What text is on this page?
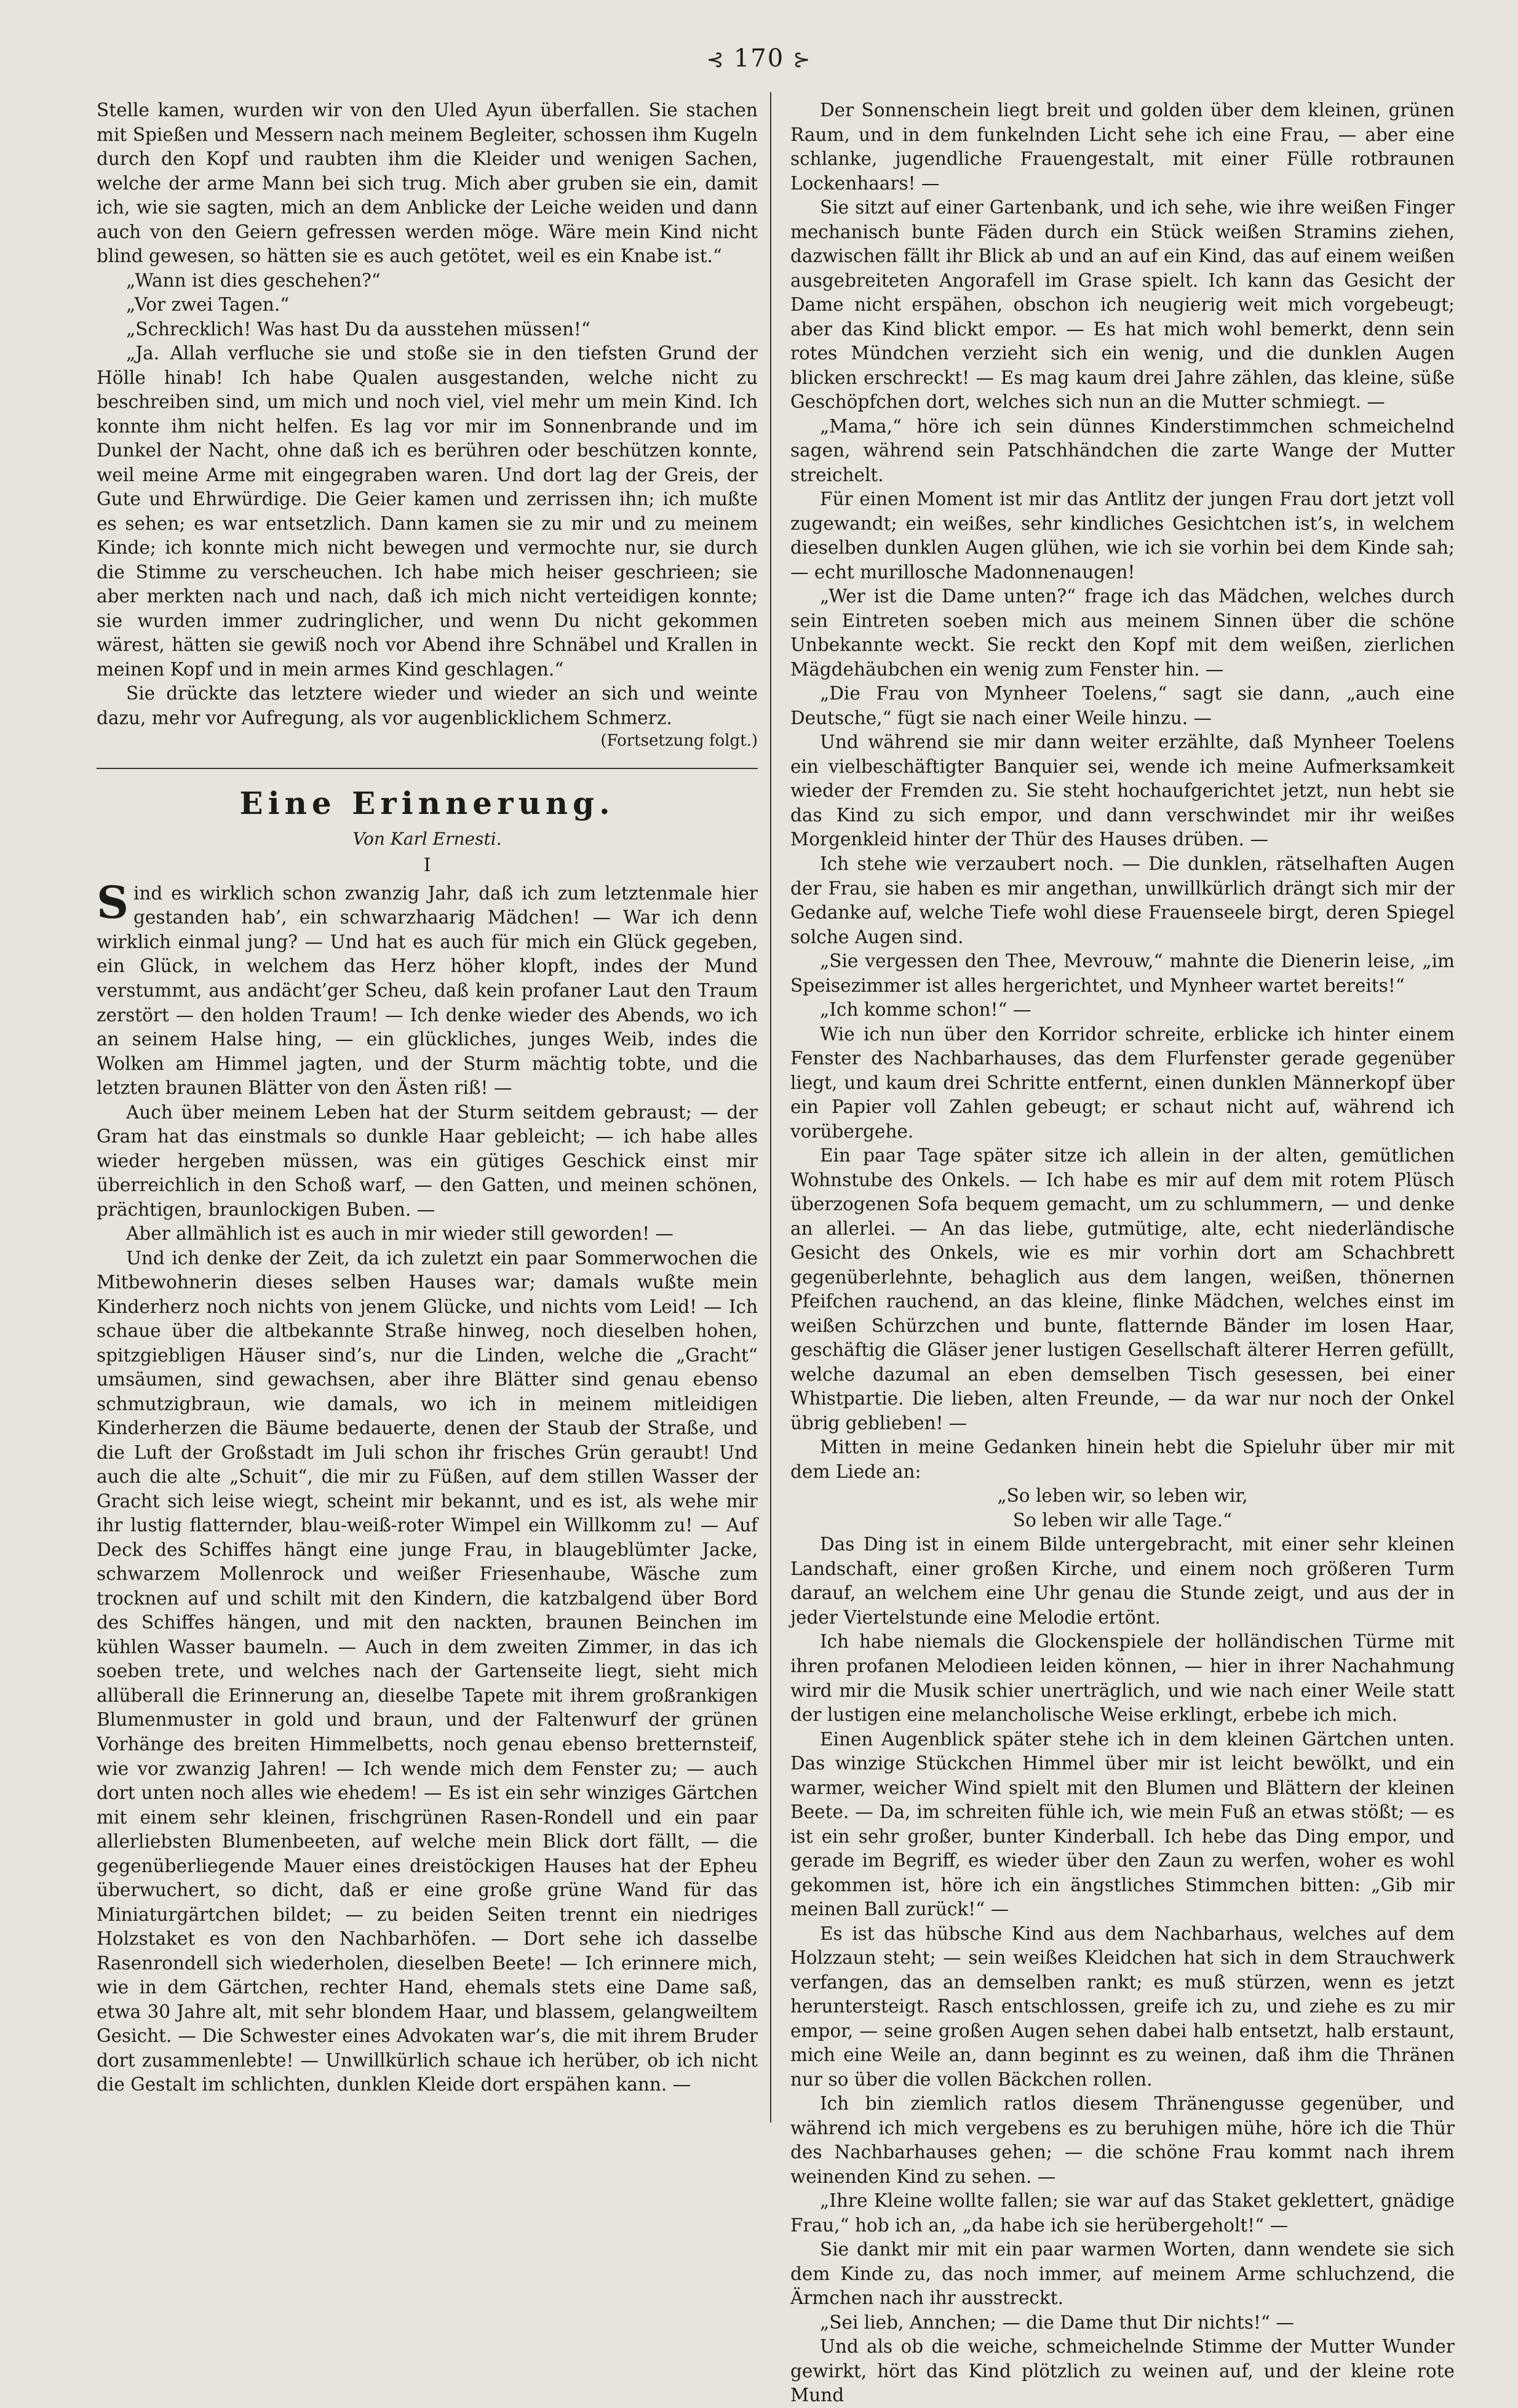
⊰ 170 ⊱

Stelle kamen, wurden wir von den Uled Ayun überfallen. Sie stachen mit Spießen und Messern nach meinem Begleiter, schossen ihm Kugeln durch den Kopf und raubten ihm die Kleider und wenigen Sachen, welche der arme Mann bei sich trug. Mich aber gruben sie ein, damit ich, wie sie sagten, mich an dem Anblicke der Leiche weiden und dann auch von den Geiern gefressen werden möge. Wäre mein Kind nicht blind gewesen, so hätten sie es auch getötet, weil es ein Knabe ist.“

„Wann ist dies geschehen?“

„Vor zwei Tagen.“

„Schrecklich! Was hast Du da ausstehen müssen!“

„Ja. Allah verfluche sie und stoße sie in den tiefsten Grund der Hölle hinab! Ich habe Qualen ausgestanden, welche nicht zu beschreiben sind, um mich und noch viel, viel mehr um mein Kind. Ich konnte ihm nicht helfen. Es lag vor mir im Sonnenbrande und im Dunkel der Nacht, ohne daß ich es berühren oder beschützen konnte, weil meine Arme mit eingegraben waren. Und dort lag der Greis, der Gute und Ehrwürdige. Die Geier kamen und zerrissen ihn; ich mußte es sehen; es war entsetzlich. Dann kamen sie zu mir und zu meinem Kinde; ich konnte mich nicht bewegen und vermochte nur, sie durch die Stimme zu verscheuchen. Ich habe mich heiser geschrieen; sie aber merkten nach und nach, daß ich mich nicht verteidigen konnte; sie wurden immer zudringlicher, und wenn Du nicht gekommen wärest, hätten sie gewiß noch vor Abend ihre Schnäbel und Krallen in meinen Kopf und in mein armes Kind geschlagen.“

Sie drückte das letztere wieder und wieder an sich und weinte dazu, mehr vor Aufregung, als vor augenblicklichem Schmerz.

(Fortsetzung folgt.)
Eine Erinnerung.
Von Karl Ernesti.
I

Sind es wirklich schon zwanzig Jahr, daß ich zum letztenmale hier gestanden hab’, ein schwarzhaarig Mädchen! — War ich denn wirklich einmal jung? — Und hat es auch für mich ein Glück gegeben, ein Glück, in welchem das Herz höher klopft, indes der Mund verstummt, aus andächt’ger Scheu, daß kein profaner Laut den Traum zerstört — den holden Traum! — Ich denke wieder des Abends, wo ich an seinem Halse hing, — ein glückliches, junges Weib, indes die Wolken am Himmel jagten, und der Sturm mächtig tobte, und die letzten braunen Blätter von den Ästen riß! —

Auch über meinem Leben hat der Sturm seitdem gebraust; — der Gram hat das einstmals so dunkle Haar gebleicht; — ich habe alles wieder hergeben müssen, was ein gütiges Geschick einst mir überreichlich in den Schoß warf, — den Gatten, und meinen schönen, prächtigen, braunlockigen Buben. —

Aber allmählich ist es auch in mir wieder still geworden! —

Und ich denke der Zeit, da ich zuletzt ein paar Sommerwochen die Mitbewohnerin dieses selben Hauses war; damals wußte mein Kinderherz noch nichts von jenem Glücke, und nichts vom Leid! — Ich schaue über die altbekannte Straße hinweg, noch dieselben hohen, spitzgiebligen Häuser sind’s, nur die Linden, welche die „Gracht“ umsäumen, sind gewachsen, aber ihre Blätter sind genau ebenso schmutzigbraun, wie damals, wo ich in meinem mitleidigen Kinderherzen die Bäume bedauerte, denen der Staub der Straße, und die Luft der Großstadt im Juli schon ihr frisches Grün geraubt! Und auch die alte „Schuit“, die mir zu Füßen, auf dem stillen Wasser der Gracht sich leise wiegt, scheint mir bekannt, und es ist, als wehe mir ihr lustig flatternder, blau-weiß-roter Wimpel ein Willkomm zu! — Auf Deck des Schiffes hängt eine junge Frau, in blaugeblümter Jacke, schwarzem Mollenrock und weißer Friesenhaube, Wäsche zum trocknen auf und schilt mit den Kindern, die katzbalgend über Bord des Schiffes hängen, und mit den nackten, braunen Beinchen im kühlen Wasser baumeln. — Auch in dem zweiten Zimmer, in das ich soeben trete, und welches nach der Gartenseite liegt, sieht mich allüberall die Erinnerung an, dieselbe Tapete mit ihrem großrankigen Blumenmuster in gold und braun, und der Faltenwurf der grünen Vorhänge des breiten Himmelbetts, noch genau ebenso bretternsteif, wie vor zwanzig Jahren! — Ich wende mich dem Fenster zu; — auch dort unten noch alles wie ehedem! — Es ist ein sehr winziges Gärtchen mit einem sehr kleinen, frischgrünen Rasen-Rondell und ein paar allerliebsten Blumenbeeten, auf welche mein Blick dort fällt, — die gegenüberliegende Mauer eines dreistöckigen Hauses hat der Epheu überwuchert, so dicht, daß er eine große grüne Wand für das Miniaturgärtchen bildet; — zu beiden Seiten trennt ein niedriges Holzstaket es von den Nachbarhöfen. — Dort sehe ich dasselbe Rasenrondell sich wiederholen, dieselben Beete! — Ich erinnere mich, wie in dem Gärtchen, rechter Hand, ehemals stets eine Dame saß, etwa 30 Jahre alt, mit sehr blondem Haar, und blassem, gelangweiltem Gesicht. — Die Schwester eines Advokaten war’s, die mit ihrem Bruder dort zusammenlebte! — Unwillkürlich schaue ich herüber, ob ich nicht die Gestalt im schlichten, dunklen Kleide dort erspähen kann. —

Der Sonnenschein liegt breit und golden über dem kleinen, grünen Raum, und in dem funkelnden Licht sehe ich eine Frau, — aber eine schlanke, jugendliche Frauengestalt, mit einer Fülle rotbraunen Lockenhaars! —

Sie sitzt auf einer Gartenbank, und ich sehe, wie ihre weißen Finger mechanisch bunte Fäden durch ein Stück weißen Stramins ziehen, dazwischen fällt ihr Blick ab und an auf ein Kind, das auf einem weißen ausgebreiteten Angorafell im Grase spielt. Ich kann das Gesicht der Dame nicht erspähen, obschon ich neugierig weit mich vorgebeugt; aber das Kind blickt empor. — Es hat mich wohl bemerkt, denn sein rotes Mündchen verzieht sich ein wenig, und die dunklen Augen blicken erschreckt! — Es mag kaum drei Jahre zählen, das kleine, süße Geschöpfchen dort, welches sich nun an die Mutter schmiegt. —

„Mama,“ höre ich sein dünnes Kinderstimmchen schmeichelnd sagen, während sein Patschhändchen die zarte Wange der Mutter streichelt.

Für einen Moment ist mir das Antlitz der jungen Frau dort jetzt voll zugewandt; ein weißes, sehr kindliches Gesichtchen ist’s, in welchem dieselben dunklen Augen glühen, wie ich sie vorhin bei dem Kinde sah; — echt murillosche Madonnenaugen!

„Wer ist die Dame unten?“ frage ich das Mädchen, welches durch sein Eintreten soeben mich aus meinem Sinnen über die schöne Unbekannte weckt. Sie reckt den Kopf mit dem weißen, zierlichen Mägdehäubchen ein wenig zum Fenster hin. —

„Die Frau von Mynheer Toelens,“ sagt sie dann, „auch eine Deutsche,“ fügt sie nach einer Weile hinzu. —

Und während sie mir dann weiter erzählte, daß Mynheer Toelens ein vielbeschäftigter Banquier sei, wende ich meine Aufmerksamkeit wieder der Fremden zu. Sie steht hochaufgerichtet jetzt, nun hebt sie das Kind zu sich empor, und dann verschwindet mir ihr weißes Morgenkleid hinter der Thür des Hauses drüben. —

Ich stehe wie verzaubert noch. — Die dunklen, rätselhaften Augen der Frau, sie haben es mir angethan, unwillkürlich drängt sich mir der Gedanke auf, welche Tiefe wohl diese Frauenseele birgt, deren Spiegel solche Augen sind.

„Sie vergessen den Thee, Mevrouw,“ mahnte die Dienerin leise, „im Speisezimmer ist alles hergerichtet, und Mynheer wartet bereits!“

„Ich komme schon!“ —

Wie ich nun über den Korridor schreite, erblicke ich hinter einem Fenster des Nachbarhauses, das dem Flurfenster gerade gegenüber liegt, und kaum drei Schritte entfernt, einen dunklen Männerkopf über ein Papier voll Zahlen gebeugt; er schaut nicht auf, während ich vorübergehe.

Ein paar Tage später sitze ich allein in der alten, gemütlichen Wohnstube des Onkels. — Ich habe es mir auf dem mit rotem Plüsch überzogenen Sofa bequem gemacht, um zu schlummern, — und denke an allerlei. — An das liebe, gutmütige, alte, echt niederländische Gesicht des Onkels, wie es mir vorhin dort am Schachbrett gegenüberlehnte, behaglich aus dem langen, weißen, thönernen Pfeifchen rauchend, an das kleine, flinke Mädchen, welches einst im weißen Schürzchen und bunte, flatternde Bänder im losen Haar, geschäftig die Gläser jener lustigen Gesellschaft älterer Herren gefüllt, welche dazumal an eben demselben Tisch gesessen, bei einer Whistpartie. Die lieben, alten Freunde, — da war nur noch der Onkel übrig geblieben! —

Mitten in meine Gedanken hinein hebt die Spieluhr über mir mit dem Liede an:

„So leben wir, so leben wir,

So leben wir alle Tage.“

Das Ding ist in einem Bilde untergebracht, mit einer sehr kleinen Landschaft, einer großen Kirche, und einem noch größeren Turm darauf, an welchem eine Uhr genau die Stunde zeigt, und aus der in jeder Viertelstunde eine Melodie ertönt.

Ich habe niemals die Glockenspiele der holländischen Türme mit ihren profanen Melodieen leiden können, — hier in ihrer Nachahmung wird mir die Musik schier unerträglich, und wie nach einer Weile statt der lustigen eine melancholische Weise erklingt, erbebe ich mich.

Einen Augenblick später stehe ich in dem kleinen Gärtchen unten. Das winzige Stückchen Himmel über mir ist leicht bewölkt, und ein warmer, weicher Wind spielt mit den Blumen und Blättern der kleinen Beete. — Da, im schreiten fühle ich, wie mein Fuß an etwas stößt; — es ist ein sehr großer, bunter Kinderball. Ich hebe das Ding empor, und gerade im Begriff, es wieder über den Zaun zu werfen, woher es wohl gekommen ist, höre ich ein ängstliches Stimmchen bitten: „Gib mir meinen Ball zurück!“ —

Es ist das hübsche Kind aus dem Nachbarhaus, welches auf dem Holzzaun steht; — sein weißes Kleidchen hat sich in dem Strauchwerk verfangen, das an demselben rankt; es muß stürzen, wenn es jetzt heruntersteigt. Rasch entschlossen, greife ich zu, und ziehe es zu mir empor, — seine großen Augen sehen dabei halb entsetzt, halb erstaunt, mich eine Weile an, dann beginnt es zu weinen, daß ihm die Thränen nur so über die vollen Bäckchen rollen.

Ich bin ziemlich ratlos diesem Thränengusse gegenüber, und während ich mich vergebens es zu beruhigen mühe, höre ich die Thür des Nachbarhauses gehen; — die schöne Frau kommt nach ihrem weinenden Kind zu sehen. —

„Ihre Kleine wollte fallen; sie war auf das Staket geklettert, gnädige Frau,“ hob ich an, „da habe ich sie herübergeholt!“ —

Sie dankt mir mit ein paar warmen Worten, dann wendete sie sich dem Kinde zu, das noch immer, auf meinem Arme schluchzend, die Ärmchen nach ihr ausstreckt.

„Sei lieb, Annchen; — die Dame thut Dir nichts!“ —

Und als ob die weiche, schmeichelnde Stimme der Mutter Wunder gewirkt, hört das Kind plötzlich zu weinen auf, und der kleine rote Mund
